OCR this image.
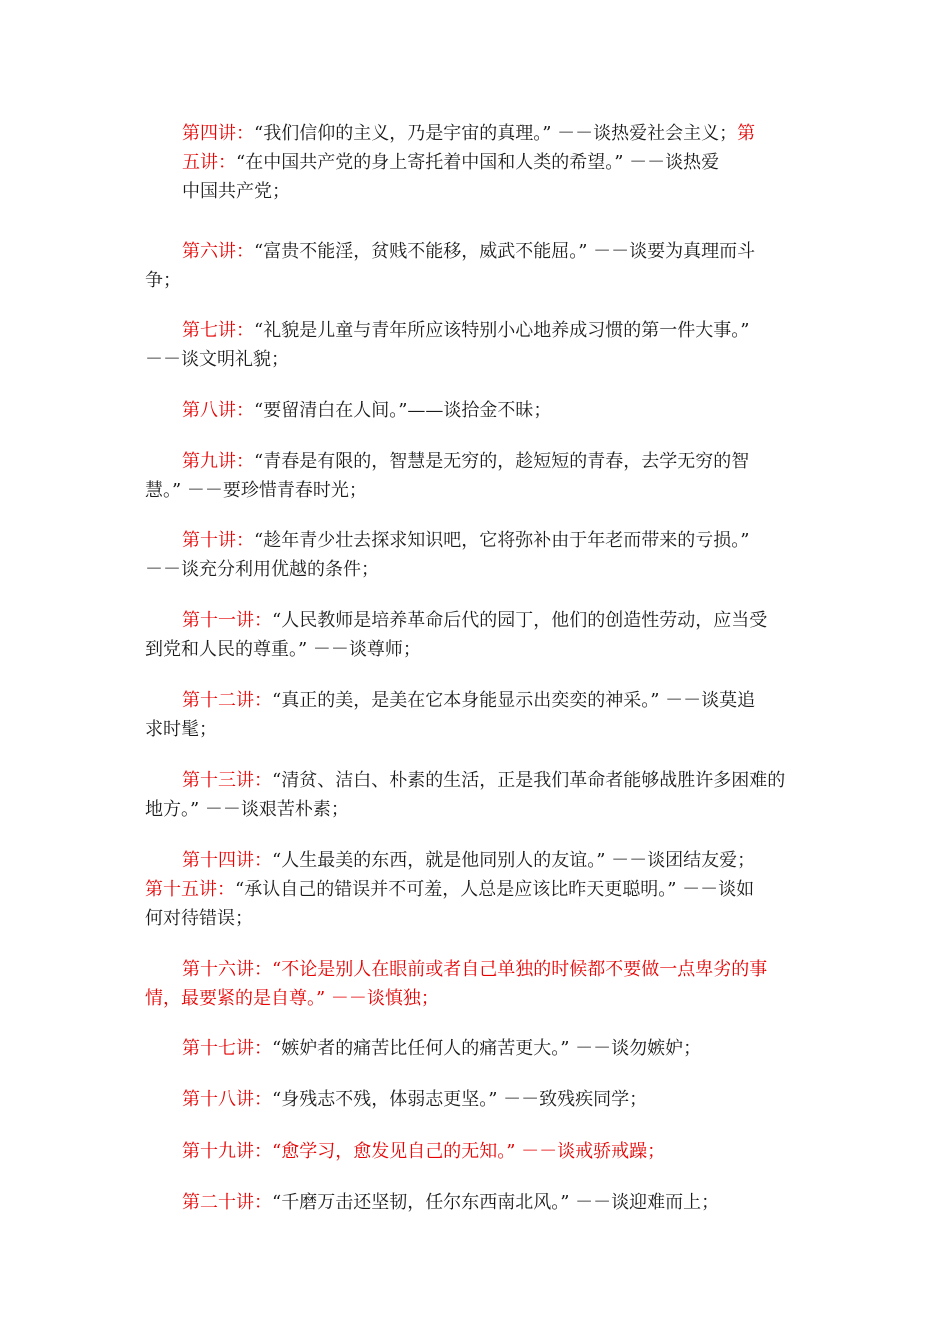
第四讲：“我们信仰的主义，乃是宇宙的真理。” －－谈热爱社会主义；第
五讲：“在中国共产党的身上寄托着中国和人类的希望。” －－谈热爱
中国共产党；

第六讲：“富贵不能淫，贫贱不能移，威武不能屈。” －－谈要为真理而斗
争；

第七讲：“礼貌是儿童与青年所应该特别小心地养成习惯的第一件大事。”
－－谈文明礼貌；

第八讲：“要留清白在人间。”——谈拾金不昧；

第九讲：“青春是有限的，智慧是无穷的，趁短短的青春，去学无穷的智
慧。” －－要珍惜青春时光；

第十讲：“趁年青少壮去探求知识吧，它将弥补由于年老而带来的亏损。”
－－谈充分利用优越的条件；

第十一讲：“人民教师是培养革命后代的园丁，他们的创造性劳动，应当受
到党和人民的尊重。” －－谈尊师；

第十二讲：“真正的美，是美在它本身能显示出奕奕的神采。” －－谈莫追
求时髦；

第十三讲：“清贫、洁白、朴素的生活，正是我们革命者能够战胜许多困难的
地方。” －－谈艰苦朴素；

第十四讲：“人生最美的东西，就是他同别人的友谊。” －－谈团结友爱；
第十五讲：“承认自己的错误并不可羞，人总是应该比昨天更聪明。” －－谈如
何对待错误；

第十六讲：“不论是别人在眼前或者自己单独的时候都不要做一点卑劣的事
情，最要紧的是自尊。” －－谈慎独；

第十七讲：“嫉妒者的痛苦比任何人的痛苦更大。” －－谈勿嫉妒；

第十八讲：“身残志不残，体弱志更坚。” －－致残疾同学；

第十九讲：“愈学习，愈发见自己的无知。” －－谈戒骄戒躁；

第二十讲：“千磨万击还坚韧，任尔东西南北风。” －－谈迎难而上；
